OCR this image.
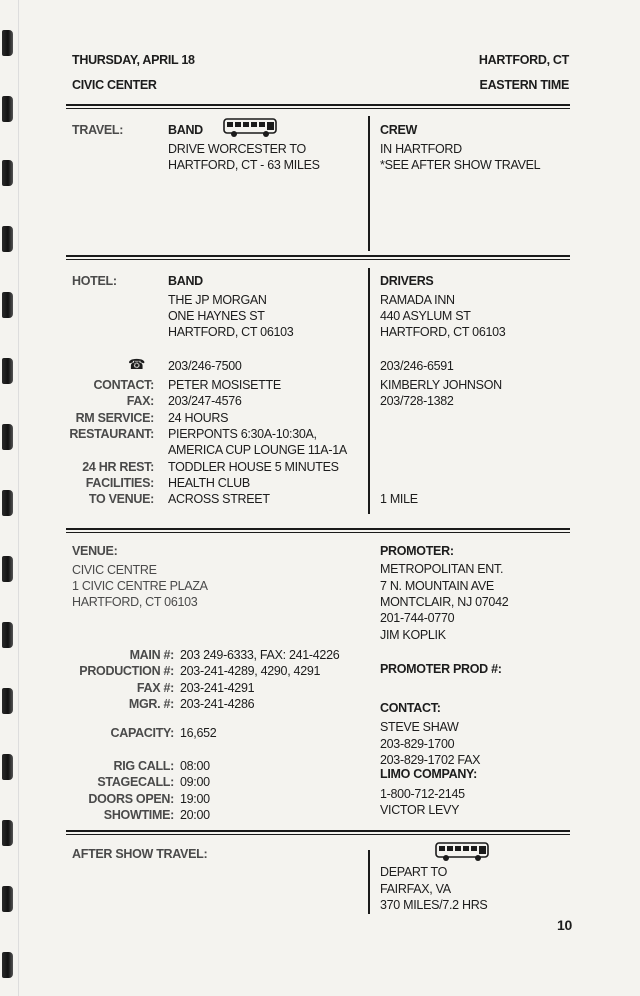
THURSDAY, APRIL 18
CIVIC CENTER
HARTFORD, CT
EASTERN TIME
TRAVEL:	BAND
DRIVE WORCESTER TO
HARTFORD, CT - 63 MILES
CREW
IN HARTFORD
*SEE AFTER SHOW TRAVEL
HOTEL:	BAND
THE JP MORGAN
ONE HAYNES ST
HARTFORD, CT 06103
☎ 203/246-7500
CONTACT: PETER MOSISETTE
FAX: 203/247-4576
RM SERVICE: 24 HOURS
RESTAURANT: PIERPONTS 6:30A-10:30A,
AMERICA CUP LOUNGE 11A-1A
24 HR REST: TODDLER HOUSE 5 MINUTES
FACILITIES: HEALTH CLUB
TO VENUE: ACROSS STREET
DRIVERS
RAMADA INN
440 ASYLUM ST
HARTFORD, CT 06103
203/246-6591
KIMBERLY JOHNSON
203/728-1382
1 MILE
VENUE:
CIVIC CENTRE
1 CIVIC CENTRE PLAZA
HARTFORD, CT 06103
MAIN #: 203 249-6333, FAX: 241-4226
PRODUCTION #: 203-241-4289, 4290, 4291
FAX #: 203-241-4291
MGR. #: 203-241-4286
CAPACITY: 16,652
RIG CALL: 08:00
STAGECALL: 09:00
DOORS OPEN: 19:00
SHOWTIME: 20:00
PROMOTER:
METROPOLITAN ENT.
7 N. MOUNTAIN AVE
MONTCLAIR, NJ 07042
201-744-0770
JIM KOPLIK
PROMOTER PROD #:
CONTACT:
STEVE SHAW
203-829-1700
203-829-1702 FAX
LIMO COMPANY:
1-800-712-2145
VICTOR LEVY
AFTER SHOW TRAVEL:
DEPART TO
FAIRFAX, VA
370 MILES/7.2 HRS
10
